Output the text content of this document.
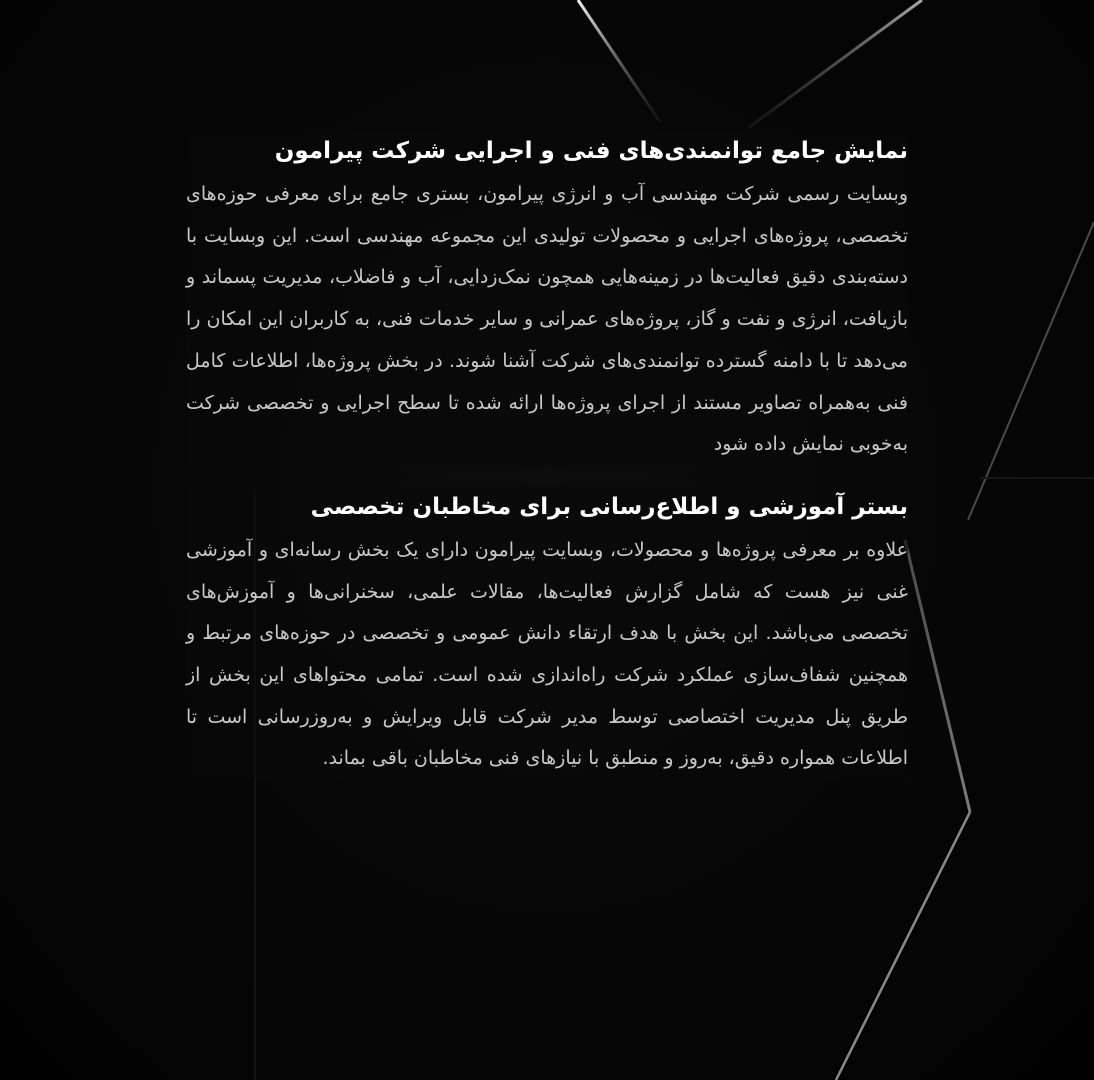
نمایش جامع توانمندی‌های فنی و اجرایی شرکت پیرامون

وبسایت رسمی شرکت مهندسی آب و انرژی پیرامون، بستری جامع برای معرفی حوزه‌های تخصصی، پروژه‌های اجرایی و محصولات تولیدی این مجموعه مهندسی است. این وبسایت با دسته‌بندی دقیق فعالیت‌ها در زمینه‌هایی همچون نمک‌زدایی، آب و فاضلاب، مدیریت پسماند و بازیافت، انرژی و نفت و گاز، پروژه‌های عمرانی و سایر خدمات فنی، به کاربران این امکان را می‌دهد تا با دامنه گسترده توانمندی‌های شرکت آشنا شوند. در بخش پروژه‌ها، اطلاعات کامل فنی به‌همراه تصاویر مستند از اجرای پروژه‌ها ارائه شده تا سطح اجرایی و تخصصی شرکت به‌خوبی نمایش داده شود

بستر آموزشی و اطلاع‌رسانی برای مخاطبان تخصصی

علاوه بر معرفی پروژه‌ها و محصولات، وبسایت پیرامون دارای یک بخش رسانه‌ای و آموزشی غنی نیز هست که شامل گزارش فعالیت‌ها، مقالات علمی، سخنرانی‌ها و آموزش‌های تخصصی می‌باشد. این بخش با هدف ارتقاء دانش عمومی و تخصصی در حوزه‌های مرتبط و همچنین شفاف‌سازی عملکرد شرکت راه‌اندازی شده است. تمامی محتواهای این بخش از طریق پنل مدیریت اختصاصی توسط مدیر شرکت قابل ویرایش و به‌روزرسانی است تا اطلاعات همواره دقیق، به‌روز و منطبق با نیازهای فنی مخاطبان باقی بماند.
